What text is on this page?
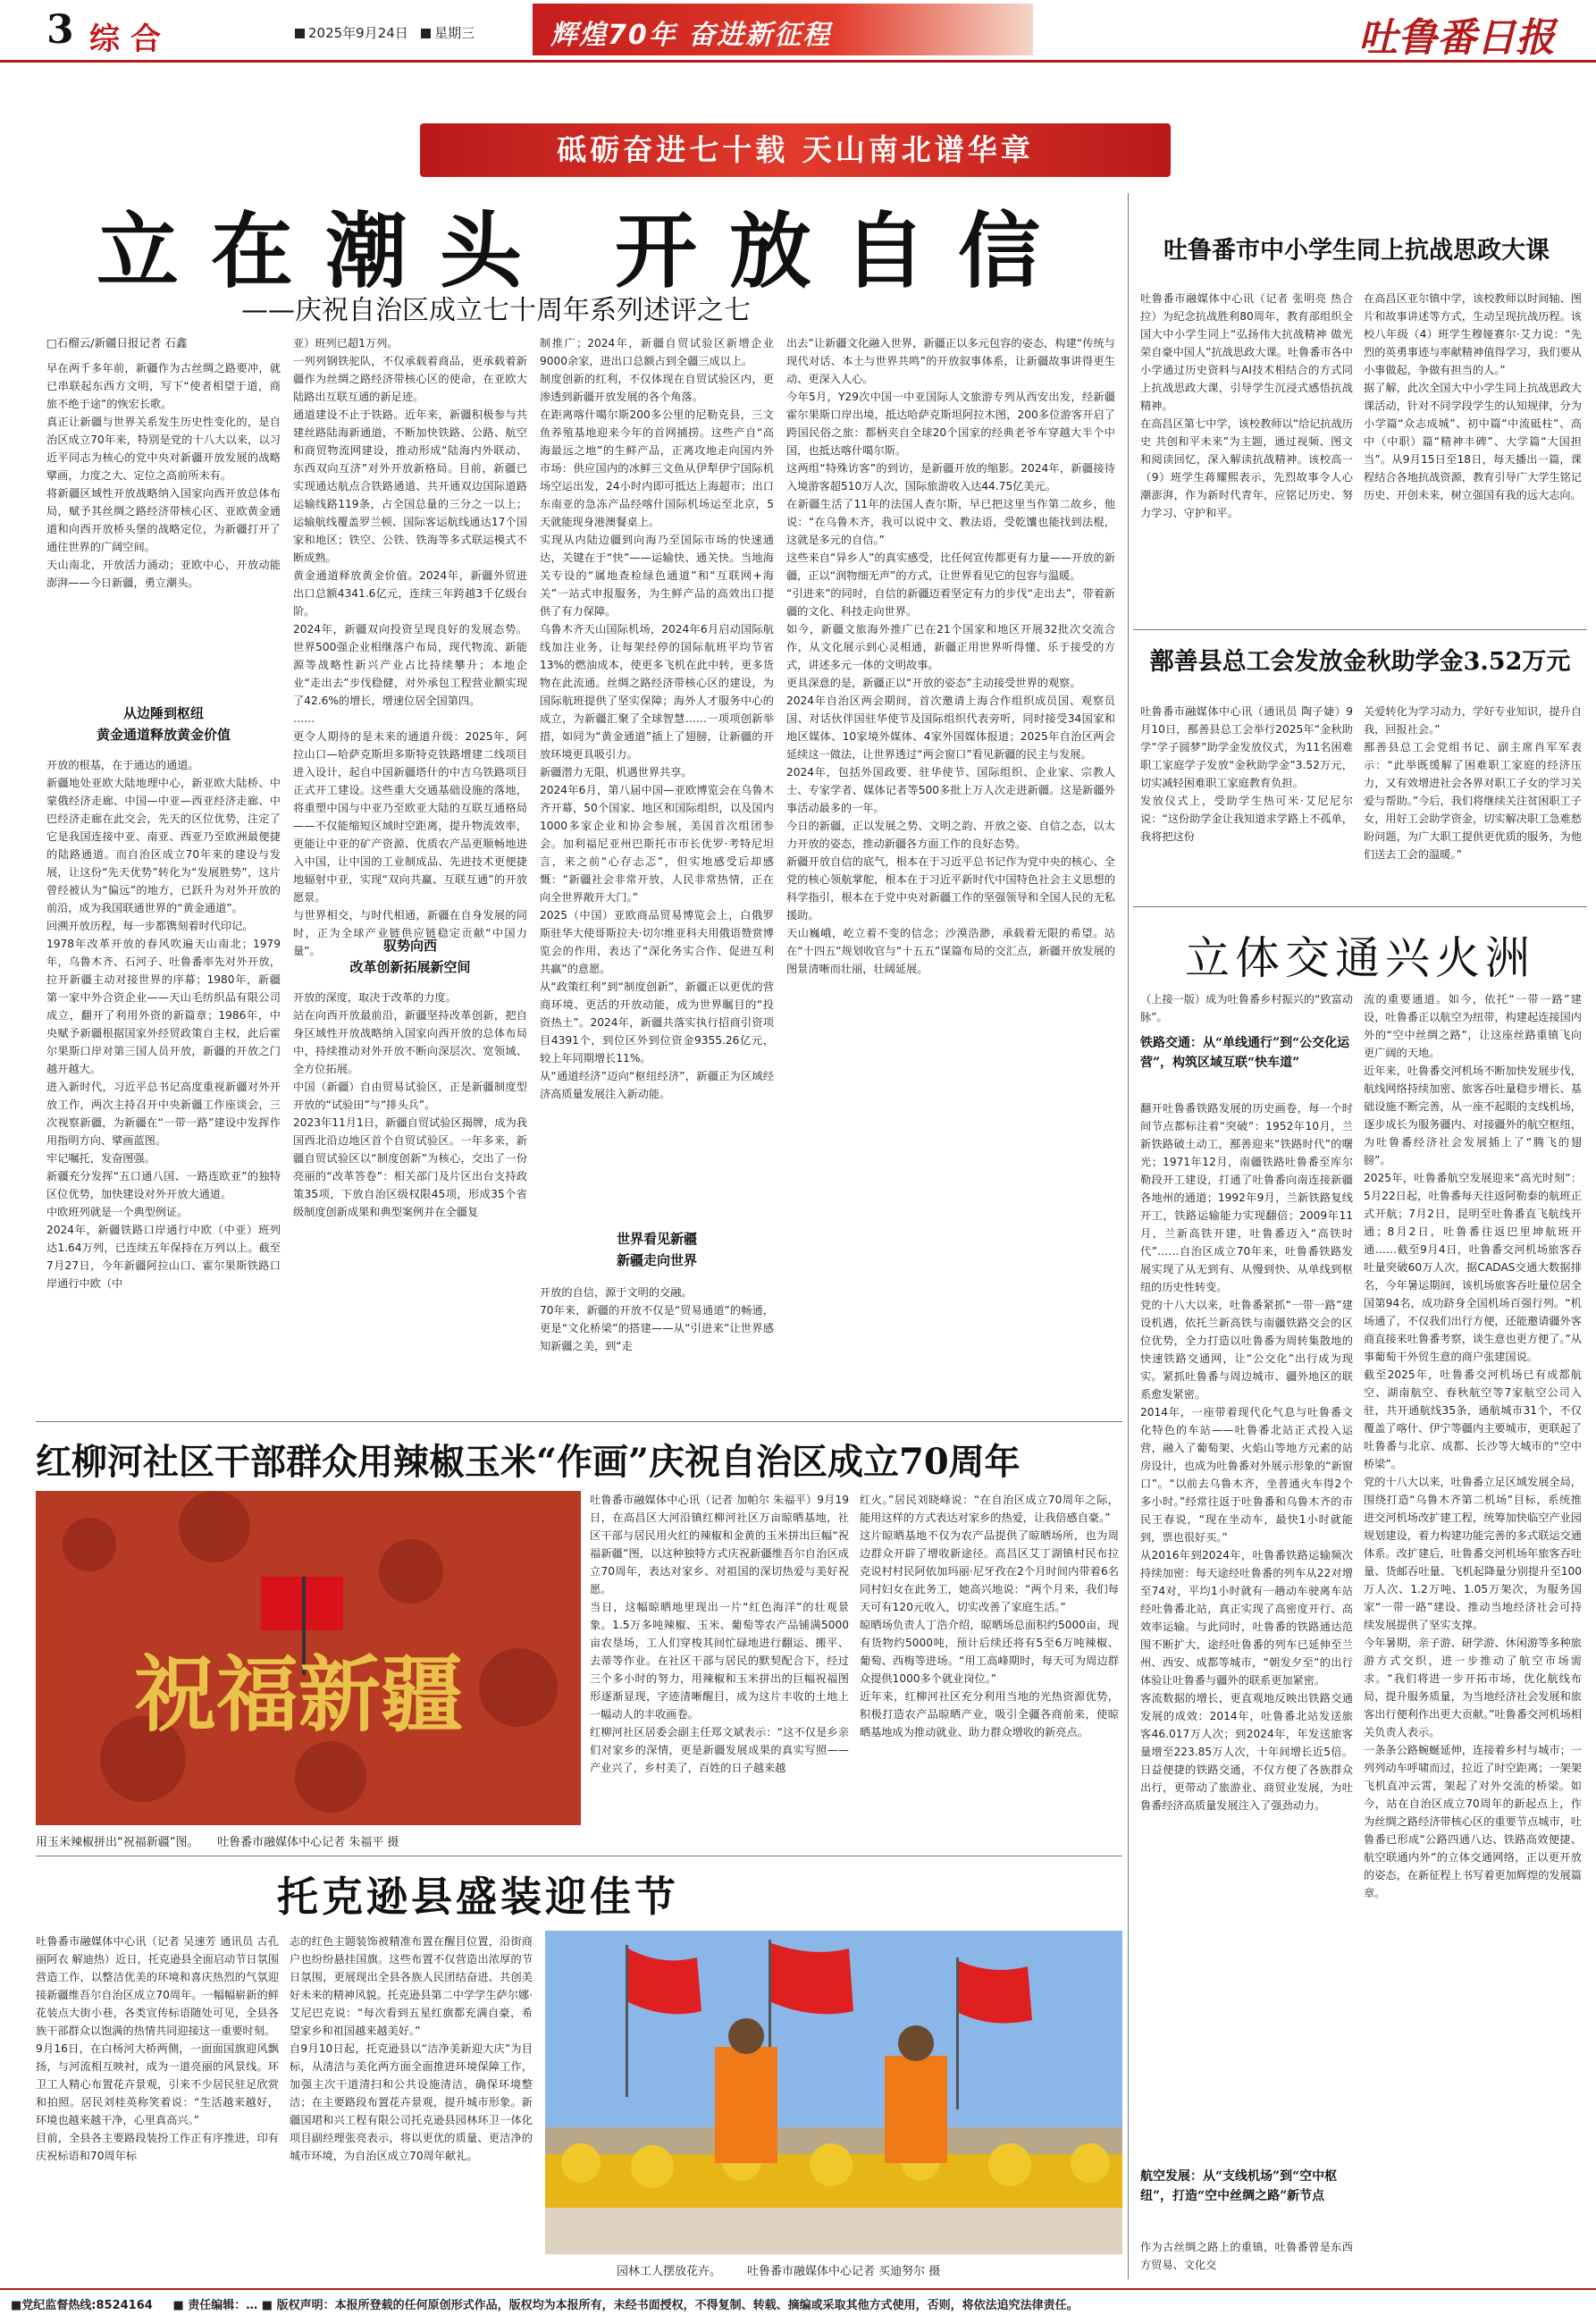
3 综合	2025年9月24日 星期三	辉煌70年 奋进新征程	吐鲁番日报
砥砺奋进七十载 天山南北谱华章
立在潮头 开放自信
——庆祝自治区成立七十周年系列述评之七
□石榴云/新疆日报记者 石鑫
早在两千多年前，新疆作为古丝绸之路要冲，就已串联起东西方文明，写下“使者相望于道，商旅不绝于途”的恢宏长歌。
真正让新疆与世界关系发生历史性变化的，是自治区成立70年来，特别是党的十八大以来，以习近平同志为核心的党中央对新疆开放发展的战略擘画，力度之大、定位之高前所未有。
将新疆区域性开放战略纳入国家向西开放总体布局，赋予其丝绸之路经济带核心区、亚欧黄金通道和向西开放桥头堡的战略定位，为新疆打开了通往世界的广阔空间。
天山南北，开放活力涌动；亚欧中心，开放动能澎湃——今日新疆，勇立潮头。
从边陲到枢纽
黄金通道释放黄金价值
开放的根基，在于通达的通道。
新疆地处亚欧大陆地理中心，新亚欧大陆桥、中蒙俄经济走廊、中国—中亚—西亚经济走廊、中巴经济走廊在此交会，先天的区位优势，注定了它是我国连接中亚、南亚、西亚乃至欧洲最便捷的陆路通道。而自治区成立70年来的建设与发展，让这份“先天优势”转化为“发展胜势”，这片曾经被认为“偏远”的地方，已跃升为对外开放的前沿，成为我国联通世界的“黄金通道”。
回溯开放历程，每一步都镌刻着时代印记。
1978年改革开放的春风吹遍天山南北；1979年，乌鲁木齐、石河子、吐鲁番率先对外开放，拉开新疆主动对接世界的序幕；1980年，新疆第一家中外合资企业——天山毛纺织品有限公司成立，翻开了利用外资的新篇章；1986年，中央赋予新疆根据国家外经贸政策自主权，此后霍尔果斯口岸对第三国人员开放，新疆的开放之门越开越大。
进入新时代，习近平总书记高度重视新疆对外开放工作，两次主持召开中央新疆工作座谈会，三次视察新疆，为新疆在“一带一路”建设中发挥作用指明方向、擘画蓝图。
牢记嘱托，发奋图强。
新疆充分发挥“五口通八国、一路连欧亚”的独特区位优势，加快建设对外开放大通道。
中欧班列就是一个典型例证。
2024年，新疆铁路口岸通行中欧（中亚）班列达1.64万列，已连续五年保持在万列以上。截至7月27日，今年新疆阿拉山口、霍尔果斯铁路口岸通行中欧（中
亚）班列已超1万列。
一列列钢铁驼队，不仅承载着商品，更承载着新疆作为丝绸之路经济带核心区的使命，在亚欧大陆路出互联互通的新足迹。
通道建设不止于铁路。近年来，新疆积极参与共建丝路陆海新通道，不断加快铁路、公路、航空和商贸物流网建设，推动形成“陆海内外联动、东西双向互济”对外开放新格局。目前，新疆已实现通达航点合铁路通道、共开通双边国际道路运输线路119条，占全国总量的三分之一以上；运输航线覆盖罗兰顿、国际客运航线通达17个国家和地区；铁空、公铁、铁海等多式联运模式不断成熟。
黄金通道释放黄金价值。2024年，新疆外贸进出口总额4341.6亿元，连续三年跨越3千亿级台阶。
2024年，新疆双向投资呈现良好的发展态势。世界500强企业相继落户布局，现代物流、新能源等战略性新兴产业占比持续攀升；本地企业“走出去”步伐稳健，对外承包工程营业额实现了42.6%的增长，增速位居全国第四。
……
更令人期待的是未来的通道升级：2025年，阿拉山口—哈萨克斯坦多斯特克铁路增建二线项目进入设计，起自中国新疆塔什的中吉乌铁路项目正式开工建设。这些重大交通基础设施的落地，将重塑中国与中亚乃至欧亚大陆的互联互通格局——不仅能缩短区域时空距离，提升物流效率，更能让中亚的矿产资源、优质农产品更顺畅地进入中国，让中国的工业制成品、先进技术更便捷地辐射中亚，实现“双向共赢、互联互通”的开放愿景。
与世界相交，与时代相通，新疆在自身发展的同时，正为全球产业链供应链稳定贡献“中国力量”。	驭势向西
改革创新拓展新空间
开放的深度，取决于改革的力度。
站在向西开放最前沿，新疆坚持改革创新，把自身区域性开放战略纳入国家向西开放的总体布局中，持续推动对外开放不断向深层次、宽领域、全方位拓展。
中国（新疆）自由贸易试验区，正是新疆制度型开放的“试验田”与“排头兵”。
2023年11月1日，新疆自贸试验区揭牌，成为我国西北沿边地区首个自贸试验区。一年多来，新疆自贸试验区以“制度创新”为核心，交出了一份亮丽的“改革答卷”：相关部门及片区出台支持政策35项，下放自治区级权限45项，形成35个省级制度创新成果和典型案例并在全疆复
制推广；2024年，新疆自贸试验区新增企业9000余家，进出口总额占到全疆三成以上。
制度创新的红利，不仅体现在自贸试验区内，更渗透到新疆开放发展的各个角落。
在距离喀什噶尔斯200多公里的尼勒克县，三文鱼养殖基地迎来今年的首网捕捞。这些产自“高海最远之地”的生鲜产品，正离攻地走向国内外市场：供应国内的冰鲜三文鱼从伊犁伊宁国际机场空运出发，24小时内即可抵达上海超市；出口东南亚的急冻产品经喀什国际机场运至北京，5天就能现身港澳餐桌上。
实现从内陆边疆到向海乃至国际市场的快速通达，关键在于“快”——运输快、通关快。当地海关专设的“属地查检绿色通道”和“互联网+海关”一站式申报服务，为生鲜产品的高效出口提供了有力保障。
乌鲁木齐天山国际机场，2024年6月启动国际航线加注业务，让每架经停的国际航班平均节省13%的燃油成本，使更多飞机在此中转，更多货物在此流通。丝绸之路经济带核心区的建设，为国际航班提供了坚实保障；海外人才服务中心的成立，为新疆汇聚了全球智慧……一项项创新举措，如同为“黄金通道”插上了翅膀，让新疆的开放环境更具吸引力。
新疆潜力无限，机遇世界共享。
2024年6月，第八届中国—亚欧博览会在乌鲁木齐开幕，50个国家、地区和国际组织，以及国内1000多家企业和协会参展，美国首次组团参会。加利福尼亚州巴斯托市市长优罗·考特尼坦言，来之前“心存忐忑”，但实地感受后却感慨：“新疆社会非常开放，人民非常热情，正在向全世界敞开大门。”
2025（中国）亚欧商品贸易博览会上，白俄罗斯驻华大使哥斯拉夫·切尔维亚科夫用俄语赞赏博览会的作用，表达了“深化务实合作、促进互利共赢”的意愿。
从“政策红利”到“制度创新”，新疆正以更优的营商环境、更活的开放动能，成为世界瞩目的“投资热土”。2024年，新疆共落实执行招商引资项目4391个，到位区外到位资金9355.26亿元，较上年同期增长11%。
从“通道经济”迈向“枢纽经济”，新疆正为区域经济高质量发展注入新动能。
世界看见新疆
新疆走向世界
开放的自信，源于文明的交融。
70年来，新疆的开放不仅是“贸易通道”的畅通，更是“文化桥梁”的搭建——从“引进来”让世界感知新疆之美，到“走
出去”让新疆文化融入世界，新疆正以多元包容的姿态，构建“传统与现代对话、本土与世界共鸣”的开放叙事体系，让新疆故事讲得更生动、更深入人心。
今年5月，Y29次中国一中亚国际人文旅游专列从西安出发，经新疆霍尔果斯口岸出境，抵达哈萨克斯坦阿拉木图，200多位游客开启了跨国民俗之旅：都柄夹自全球20个国家的经典老爷车穿越大半个中国，也抵达喀什噶尔斯。
这两组“特殊访客”的到访，是新疆开放的缩影。2024年，新疆接待入境游客超510万人次，国际旅游收入达44.75亿美元。
在新疆生活了11年的法国人查尔斯，早已把这里当作第二故乡，他说：“在乌鲁木齐，我可以说中文、教法语，受乾馕也能找到法棍，这就是多元的自信。”
这些来自“异乡人”的真实感受，比任何宣传都更有力量——开放的新疆，正以“润物细无声”的方式，让世界看见它的包容与温暖。
“引进来”的同时，自信的新疆迈着坚定有力的步伐“走出去”，带着新疆的文化、科技走向世界。
如今，新疆文旅海外推广已在21个国家和地区开展32批次交流合作，从文化展示到心灵相通，新疆正用世界听得懂、乐于接受的方式，讲述多元一体的文明故事。
更具深意的是，新疆正以“开放的姿态”主动接受世界的观察。
2024年自治区两会期间，首次邀请上海合作组织成员国、观察员国、对话伙伴国驻华使节及国际组织代表旁听，同时接受34国家和地区媒体、10家境外媒体、4家外国媒体报道；2025年自治区两会延续这一做法，让世界透过“两会窗口”看见新疆的民主与发展。
2024年，包括外国政要、驻华使节、国际组织、企业家、宗教人士、专家学者、媒体记者等500多批上万人次走进新疆。这是新疆外事活动最多的一年。
今日的新疆，正以发展之势、文明之韵、开放之姿、自信之态，以太力开放的姿态，推动新疆各方面工作的良好态势。
新疆开放自信的底气，根本在于习近平总书记作为党中央的核心、全党的核心领航掌舵，根本在于习近平新时代中国特色社会主义思想的科学指引，根本在于党中央对新疆工作的坚强领导和全国人民的无私援助。
天山巍峨，屹立着不变的信念；沙漠浩渺，承载着无限的希望。站在“十四五”规划收官与“十五五”谋篇布局的交汇点，新疆开放发展的图景清晰而壮丽，壮阔延展。
吐鲁番市中小学生同上抗战思政大课
吐鲁番市融媒体中心讯（记者 张明亮 热合拉）为纪念抗战胜利80周年，教育部组织全国大中小学生同上“弘扬伟大抗战精神 做光荣自豪中国人”抗战思政大课。吐鲁番市各中小学通过历史资料与AI技术相结合的方式同上抗战思政大课，引导学生沉浸式感悟抗战精神。
在高昌区第七中学，该校教师以“给记抗战历史 共创和平未来”为主题，通过视频、图文和阅读回忆，深入解读抗战精神。该校高一（9）班学生蒋耀熙表示，先烈故事令人心潮澎湃，作为新时代青年，应铭记历史、努力学习、守护和平。
在高昌区亚尔镇中学，该校教师以时间轴、图片和故事讲述等方式，生动呈现抗战历程。该校八年级（4）班学生穆娅赛尔·艾力说：“先烈的英勇事迹与率献精神值得学习，我们要从小事做起，争做有担当的人。”
据了解，此次全国大中小学生同上抗战思政大课活动，针对不同学段学生的认知规律，分为小学篇“众志成城”、初中篇“中流砥柱”、高中（中职）篇“精神丰碑”、大学篇“大国担当”。从9月15日至18日，每天播出一篇，课程结合各地抗战资源，教育引导广大学生铭记历史、开创未来，树立强国有我的远大志向。
鄯善县总工会发放金秋助学金3.52万元
吐鲁番市融媒体中心讯（通讯员 陶子婕）9月10日，鄯善县总工会举行2025年“金秋助学”学子圆梦”助学金发放仪式，为11名困难职工家庭学子发放“金秋助学金”3.52万元，切实减轻困难职工家庭教育负担。
发放仪式上，受助学生热可米·艾尼尼尔说：“这份助学金让我知道求学路上不孤单，我将把这份
关爱转化为学习动力，学好专业知识，提升自我，回报社会。”
鄯善县总工会党组书记、副主席肖军军表示：“此举既缓解了困难职工家庭的经济压力，又有效增进社会各界对职工子女的学习关爱与帮助。”今后，我们将继续关注贫困职工子女，用好工会助学资金，切实解决职工急难愁盼问题，为广大职工提供更优质的服务，为他们送去工会的温暖。”
立体交通兴火洲
（上接一版）成为吐鲁番乡村振兴的“致富动脉”。
铁路交通：从“单线通行”到“公交化运营”，构筑区域互联“快车道”
翻开吐鲁番铁路发展的历史画卷，每一个时间节点都标注着“突破”：1952年10月，兰新铁路破土动工，鄯善迎来“铁路时代”的曙光；1971年12月，南疆铁路吐鲁番至库尔勒段开工建设，打通了吐鲁番向南连接新疆各地州的通道；1992年9月，兰新铁路复线开工，铁路运输能力实现翻倍；2009年11月，兰新高铁开建，吐鲁番迈入“高铁时代”……自治区成立70年来，吐鲁番铁路发展实现了从无到有、从慢到快、从单线到枢纽的历史性转变。
党的十八大以来，吐鲁番紧抓“一带一路”建设机遇，依托兰新高铁与南疆铁路交会的区位优势，全力打造以吐鲁番为周转集散地的快速铁路交通网，让“公交化”出行成为现实。紧抓吐鲁番与周边城市、疆外地区的联系愈发紧密。
2014年，一座带着现代化气息与吐鲁番文化特色的车站——吐鲁番北站正式投入运营，融入了葡萄架、火焰山等地方元素的站房设计，也成为吐鲁番对外展示形象的“新窗口”。“以前去乌鲁木齐，坐普通火车得2个多小时。”经常往返于吐鲁番和乌鲁木齐的市民王春说，“现在坐动车，最快1小时就能到，票也很好买。”
从2016年到2024年，吐鲁番铁路运输频次持续加密：每天途经吐鲁番的列车从22对增至74对，平均1小时就有一趟动车驶离车站经吐鲁番北站，真正实现了高密度开行、高效率运输。与此同时，吐鲁番的铁路通达范围不断扩大，途经吐鲁番的列车已延伸至兰州、西安、成都等城市，“朝发夕至”的出行体验让吐鲁番与疆外的联系更加紧密。
客流数据的增长，更直观地反映出铁路交通发展的成效：2014年，吐鲁番北站发送旅客46.017万人次；到2024年，年发送旅客量增至223.85万人次，十年间增长近5倍。日益便捷的铁路交通，不仅方便了各族群众出行，更带动了旅游业、商贸业发展，为吐鲁番经济高质量发展注入了强劲动力。
航空发展：从“支线机场”到“空中枢纽”，打造“空中丝绸之路”新节点
作为古丝绸之路上的重镇，吐鲁番曾是东西方贸易、文化交
流的重要通道。如今，依托“一带一路”建设，吐鲁番正以航空为纽带，构建起连接国内外的“空中丝绸之路”，让这座丝路重镇飞向更广阔的天地。
近年来，吐鲁番交河机场不断加快发展步伐，航线网络持续加密、旅客吞吐量稳步增长、基础设施不断完善，从一座不起眼的支线机场，逐步成长为服务疆内、对接疆外的航空枢纽，为吐鲁番经济社会发展插上了“腾飞的翅膀”。
2025年，吐鲁番航空发展迎来“高光时刻”：5月22日起，吐鲁番每天往返阿勒泰的航班正式开航；7月2日，昆明至吐鲁番直飞航线开通；8月2日，吐鲁番往返巴里坤航班开通……截至9月4日，吐鲁番交河机场旅客吞吐量突破60万人次，据CADAS交通大数据排名，今年暑运期间，该机场旅客吞吐量位居全国第94名，成功跻身全国机场百强行列。“机场通了，不仅我们出行方便，还能邀请疆外客商直接来吐鲁番考察，谈生意也更方便了。”从事葡萄干外贸生意的商户张建国说。
截至2025年，吐鲁番交河机场已有成都航空、湖南航空、春秋航空等7家航空公司入驻，共开通航线35条，通航城市31个，不仅覆盖了喀什、伊宁等疆内主要城市，更联起了吐鲁番与北京、成都、长沙等大城市的“空中桥梁”。
党的十八大以来，吐鲁番立足区域发展全局，围绕打造“乌鲁木齐第二机场”目标，系统推进交河机场改扩建工程，统筹加快临空产业园规划建设，着力构建功能完善的多式联运交通体系。改扩建后，吐鲁番交河机场年旅客吞吐量、货邮吞吐量、飞机起降量分别提升至100万人次、1.2万吨、1.05万架次，为服务国家“一带一路”建设、推动当地经济社会可持续发展提供了坚实支撑。
今年暑期，亲子游、研学游、休闲游等多种旅游方式交织，进一步推动了航空市场需求。“我们将进一步开拓市场，优化航线布局，提升服务质量，为当地经济社会发展和旅客出行便利作出更大贡献。”吐鲁番交河机场相关负责人表示。
一条条公路蜿蜒延伸，连接着乡村与城市；一列列动车呼啸而过，拉近了时空距离；一架架飞机直冲云霄，架起了对外交流的桥梁。如今，站在自治区成立70周年的新起点上，作为丝绸之路经济带核心区的重要节点城市，吐鲁番已形成“公路四通八达、铁路高效便捷、航空联通内外”的立体交通网络，正以更开放的姿态，在新征程上书写着更加辉煌的发展篇章。
红柳河社区干部群众用辣椒玉米“作画”庆祝自治区成立70周年
祝福新疆
用玉米辣椒拼出“祝福新疆”图。 吐鲁番市融媒体中心记者 朱福平 摄
吐鲁番市融媒体中心讯（记者 加帕尔 朱福平）9月19日，在高昌区大河沿镇红柳河社区万亩晾晒基地，社区干部与居民用火红的辣椒和金黄的玉米拼出巨幅“祝福新疆”图，以这种独特方式庆祝新疆维吾尔自治区成立70周年，表达对家乡、对祖国的深切热爱与美好祝愿。
当日，这幅晾晒地里现出一片“红色海洋”的壮观景象。1.5万多吨辣椒、玉米、葡萄等农产品铺满5000亩农垦场，工人们穿梭其间忙碌地进行翻运、搬平、去蒂等作业。在社区干部与居民的默契配合下，经过三个多小时的努力，用辣椒和玉米拼出的巨幅祝福图形逐渐显现，字迹清晰醒目，成为这片丰收的土地上一幅动人的丰收画卷。
红柳河社区居委会副主任郑文斌表示：“这不仅是乡亲们对家乡的深情，更是新疆发展成果的真实写照——产业兴了，乡村美了，百姓的日子越来越
红火。”居民刘晓峰说：“在自治区成立70周年之际，能用这样的方式表达对家乡的热爱，让我倍感自豪。”
这片晾晒基地不仅为农产品提供了晾晒场所，也为周边群众开辟了增收新途径。高昌区艾丁湖镇村民布拉克说村村民阿依加玛丽·尼牙孜在2个月时间内带着6名同村妇女在此务工，她高兴地说：“两个月来，我们每天可有120元收入，切实改善了家庭生活。”
晾晒场负责人丁浩介绍，晾晒场总面积约5000亩，现有货物约5000吨，预计后续还将有5至6万吨辣椒、葡萄、西梅等进场。“用工高峰期时，每天可为周边群众提供1000多个就业岗位。”
近年来，红柳河社区充分利用当地的光热资源优势，积极打造农产品晾晒产业，吸引全疆各商前来，使晾晒基地成为推动就业、助力群众增收的新亮点。
托克逊县盛装迎佳节
吐鲁番市融媒体中心讯（记者 吴速芳 通讯员 古孔丽阿衣 解迪热）近日，托克逊县全面启动节日氛围营造工作，以整洁优美的环境和喜庆热烈的气氛迎接新疆维吾尔自治区成立70周年。一幅幅崭新的鲜花装点大街小巷，各类宣传标语随处可见，全县各族干部群众以饱满的热情共同迎接这一重要时刻。
9月16日，在白杨河大桥两侧，一面面国旗迎风飘扬，与河流相互映衬，成为一道亮丽的风景线。环卫工人精心布置花卉景观，引来不少居民驻足欣赏和拍照。居民刘桂英称笑着说：“生活越来越好，环境也越来越干净，心里真高兴。”
目前，全县各主要路段装扮工作正有序推进，印有庆祝标语和70周年标
志的红色主题装饰被精准布置在醒目位置，沿街商户也纷纷悬挂国旗。这些布置不仅营造出浓厚的节日氛围，更展现出全县各族人民团结奋进、共创美好未来的精神风貌。托克逊县第二中学学生萨尔娜·艾尼巴克说：“每次看到五星红旗都充满自豪，希望家乡和祖国越来越美好。”
自9月10日起，托克逊县以“洁净美新迎大庆”为目标，从清洁与美化两方面全面推进环境保障工作，加强主次干道清扫和公共设施清洁，确保环境整洁；在主要路段布置花卉景观，提升城市形象。新疆国珺和兴工程有限公司托克逊县园林环卫一体化项目副经理张亮表示，将以更优的质量、更洁净的城市环境，为自治区成立70周年献礼。
园林工人摆放花卉。 吐鲁番市融媒体中心记者 买迪努尔 摄
■党纪监督热线:8524164 ■ 责任编辑：… ■ 版权声明：本报所登载的任何原创形式作品，版权均为本报所有，未经书面授权，不得复制、转载、摘编或采取其他方式使用，否则，将依法追究法律责任。
